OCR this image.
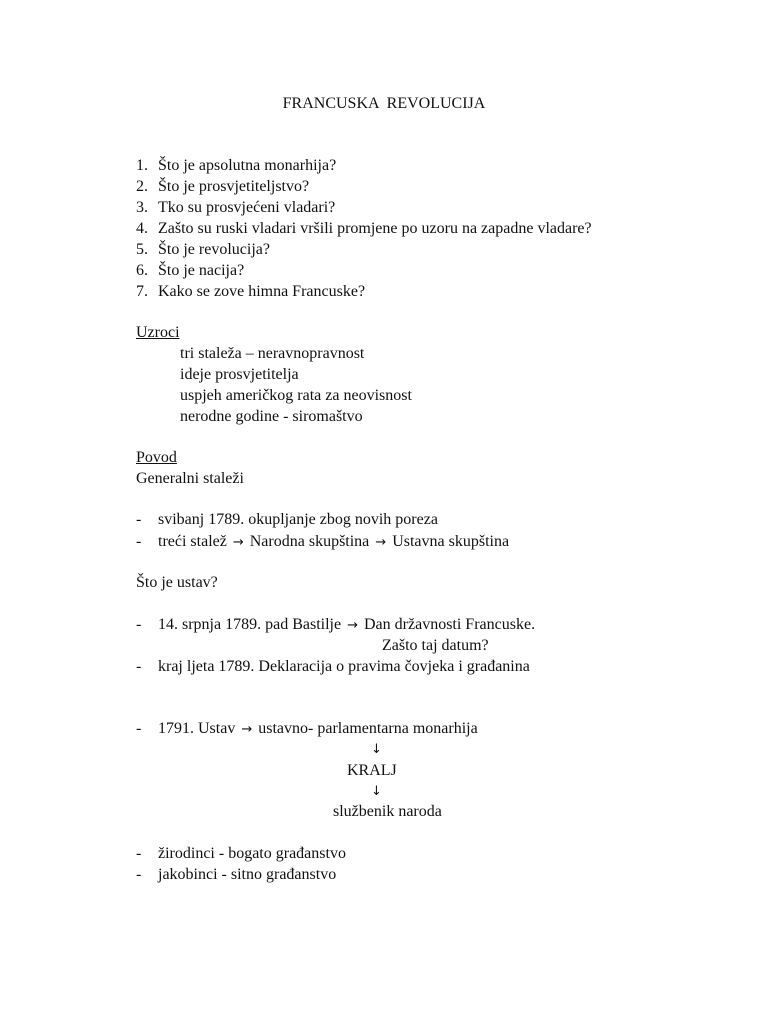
FRANCUSKA  REVOLUCIJA
1. Što je apsolutna monarhija?
2. Što je prosvjetiteljstvo?
3. Tko su prosvjećeni vladari?
4. Zašto su ruski vladari vršili promjene po uzoru na zapadne vladare?
5. Što je revolucija?
6. Što je nacija?
7. Kako se zove himna Francuske?
Uzroci
tri staleža – neravnopravnost
ideje prosvjetitelja
uspjeh američkog rata za neovisnost
nerodne godine - siromaštvo
Povod
Generalni staleži
- svibanj 1789. okupljanje zbog novih poreza
- treći stalež → Narodna skupština → Ustavna skupština
Što je ustav?
- 14. srpnja 1789. pad Bastilje → Dan državnosti Francuske.
Zašto taj datum?
- kraj ljeta 1789. Deklaracija o pravima čovjeka i građanina
- 1791. Ustav → ustavno- parlamentarna monarhija
↓
KRALJ
↓
službenik naroda
- žirodinci - bogato građanstvo
- jakobinci - sitno građanstvo
